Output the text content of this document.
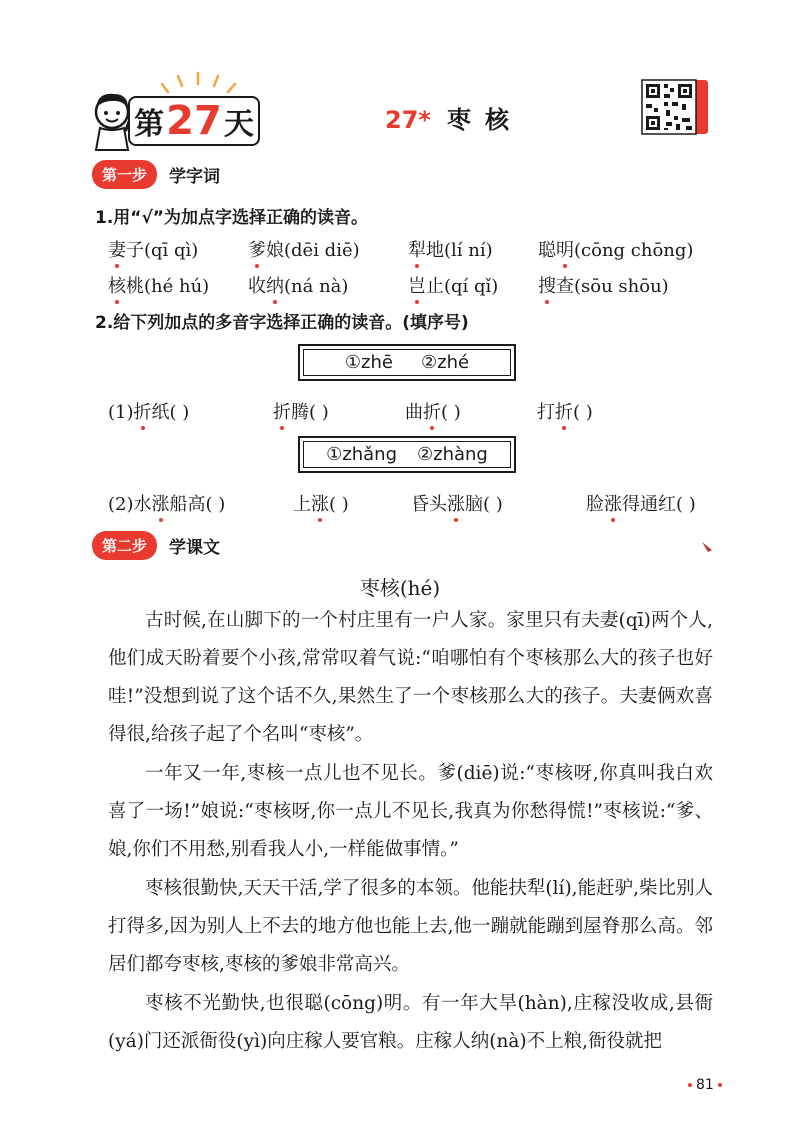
第 27 天	27* 枣核
第一步	学字词
1.用“√”为加点字选择正确的读音。
妻子(qī qì)	爹娘(dēi diē)	犁地(lí ní)	聪明(cōng chōng)
核桃(hé hú)	收纳(ná nà)	岂止(qí qǐ)	搜查(sōu shōu)
2.给下列加点的多音字选择正确的读音。(填序号)
①zhē ②zhé
(1)折纸( )	折腾( )	曲折( )	打折( )
①zhǎng ②zhàng
(2)水涨船高( )	上涨( )	昏头涨脑( )	脸涨得通红( )
第二步	学课文
枣核(hé)

古时候,在山脚下的一个村庄里有一户人家。家里只有夫妻(qī)两个人,他们成天盼着要个小孩,常常叹着气说:“咱哪怕有个枣核那么大的孩子也好哇!”没想到说了这个话不久,果然生了一个枣核那么大的孩子。夫妻俩欢喜得很,给孩子起了个名叫“枣核”。

一年又一年,枣核一点儿也不见长。爹(diē)说:“枣核呀,你真叫我白欢喜了一场!”娘说:“枣核呀,你一点儿不见长,我真为你愁得慌!”枣核说:“爹、娘,你们不用愁,别看我人小,一样能做事情。”

枣核很勤快,天天干活,学了很多的本领。他能扶犁(lí),能赶驴,柴比别人打得多,因为别人上不去的地方他也能上去,他一蹦就能蹦到屋脊那么高。邻居们都夸枣核,枣核的爹娘非常高兴。

枣核不光勤快,也很聪(cōng)明。有一年大旱(hàn),庄稼没收成,县衙(yá)门还派衙役(yì)向庄稼人要官粮。庄稼人纳(nà)不上粮,衙役就把

81
